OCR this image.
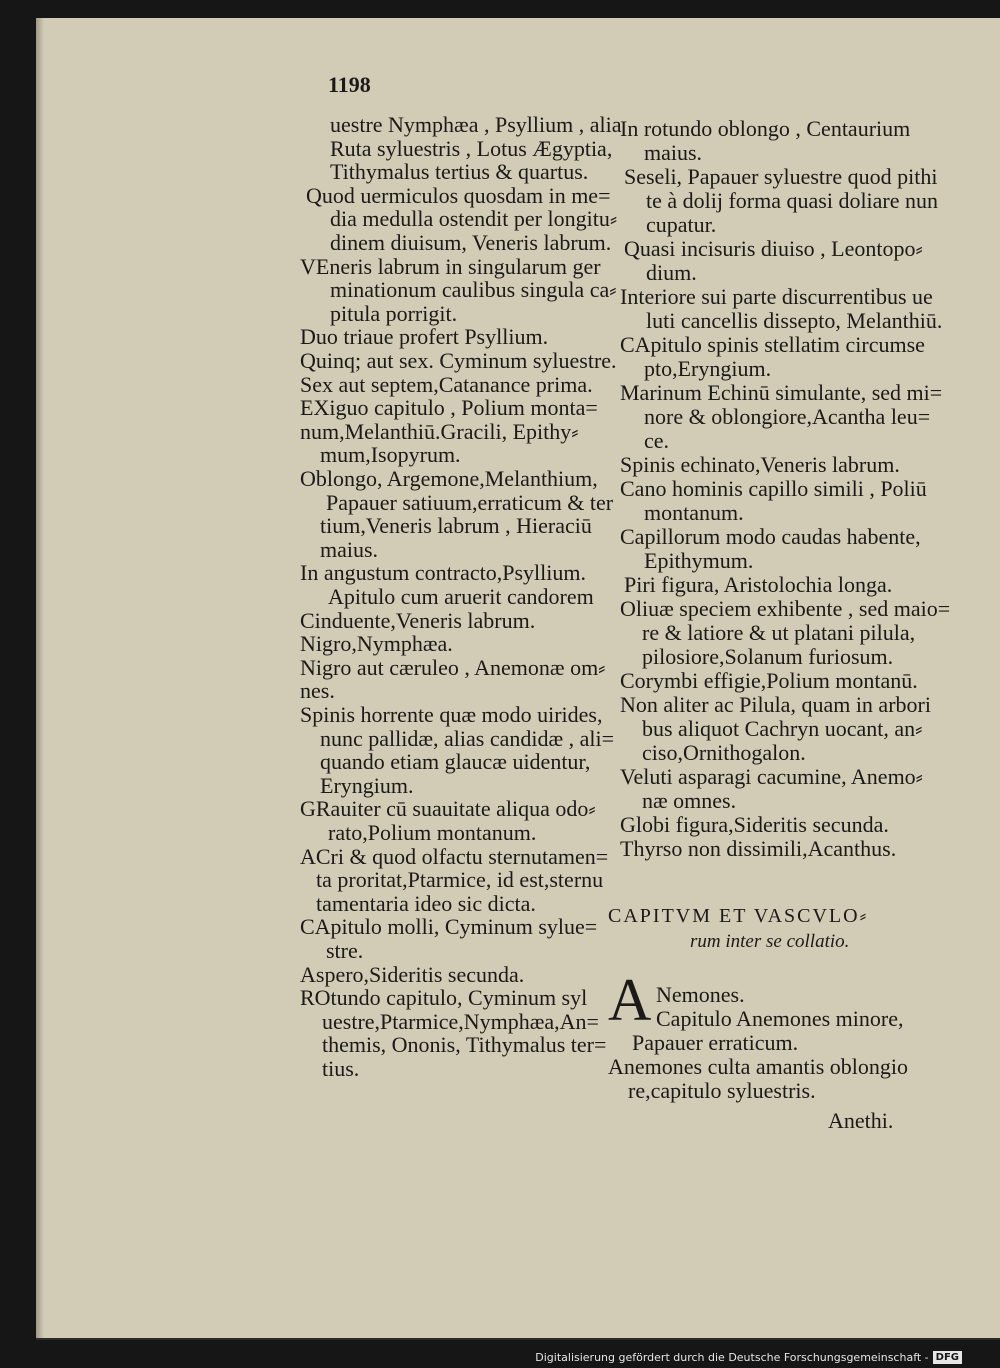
1198
uestre Nymphæa , Psyllium , alia
Ruta syluestris , Lotus Ægyptia,
Tithymalus tertius & quartus.
Quod uermiculos quosdam in me=
dia medulla ostendit per longitu⸗
dinem diuisum, Veneris labrum.
VEneris labrum in singularum ger
minationum caulibus singula ca⸗
pitula porrigit.
Duo triaue profert Psyllium.
Quinq; aut sex. Cyminum syluestre.
Sex aut septem,Catanance prima.
EXiguo capitulo , Polium monta=
num,Melanthiū.Gracili, Epithy⸗
mum,Isopyrum.
Oblongo, Argemone,Melanthium,
Papauer satiuum,erraticum & ter
tium,Veneris labrum , Hieraciū
maius.
In angustum contracto,Psyllium.
Apitulo cum aruerit candorem
Cinduente,Veneris labrum.
Nigro,Nymphæa.
Nigro aut cæruleo , Anemonæ om⸗
nes.
Spinis horrente quæ modo uirides,
nunc pallidæ, alias candidæ , ali=
quando etiam glaucæ uidentur,
Eryngium.
GRauiter cū suauitate aliqua odo⸗
rato,Polium montanum.
ACri & quod olfactu sternutamen=
ta proritat,Ptarmice, id est,sternu
tamentaria ideo sic dicta.
CApitulo molli, Cyminum sylue=
stre.
Aspero,Sideritis secunda.
ROtundo capitulo, Cyminum syl
uestre,Ptarmice,Nymphæa,An=
themis, Ononis, Tithymalus ter=
tius.
In rotundo oblongo , Centaurium
maius.
Seseli, Papauer syluestre quod pithi
te à dolij forma quasi doliare nun
cupatur.
Quasi incisuris diuiso , Leontopo⸗
dium.
Interiore sui parte discurrentibus ue
luti cancellis dissepto, Melanthiū.
CApitulo spinis stellatim circumse
pto,Eryngium.
Marinum Echinū simulante, sed mi=
nore & oblongiore,Acantha leu=
ce.
Spinis echinato,Veneris labrum.
Cano hominis capillo simili , Poliū
montanum.
Capillorum modo caudas habente,
Epithymum.
Piri figura, Aristolochia longa.
Oliuæ speciem exhibente , sed maio=
re & latiore & ut platani pilula,
pilosiore,Solanum furiosum.
Corymbi effigie,Polium montanū.
Non aliter ac Pilula, quam in arbori
bus aliquot Cachryn uocant, an⸗
ciso,Ornithogalon.
Veluti asparagi cacumine, Anemo⸗
næ omnes.
Globi figura,Sideritis secunda.
Thyrso non dissimili,Acanthus.
CAPITVM ET VASCVLO⸗
rum inter se collatio.
A Nemones.
Capitulo Anemones minore,
Papauer erraticum.
Anemones culta amantis oblongio
re,capitulo syluestris.
Anethi.
Digitalisierung gefördert durch die Deutsche Forschungsgemeinschaft - DFG
